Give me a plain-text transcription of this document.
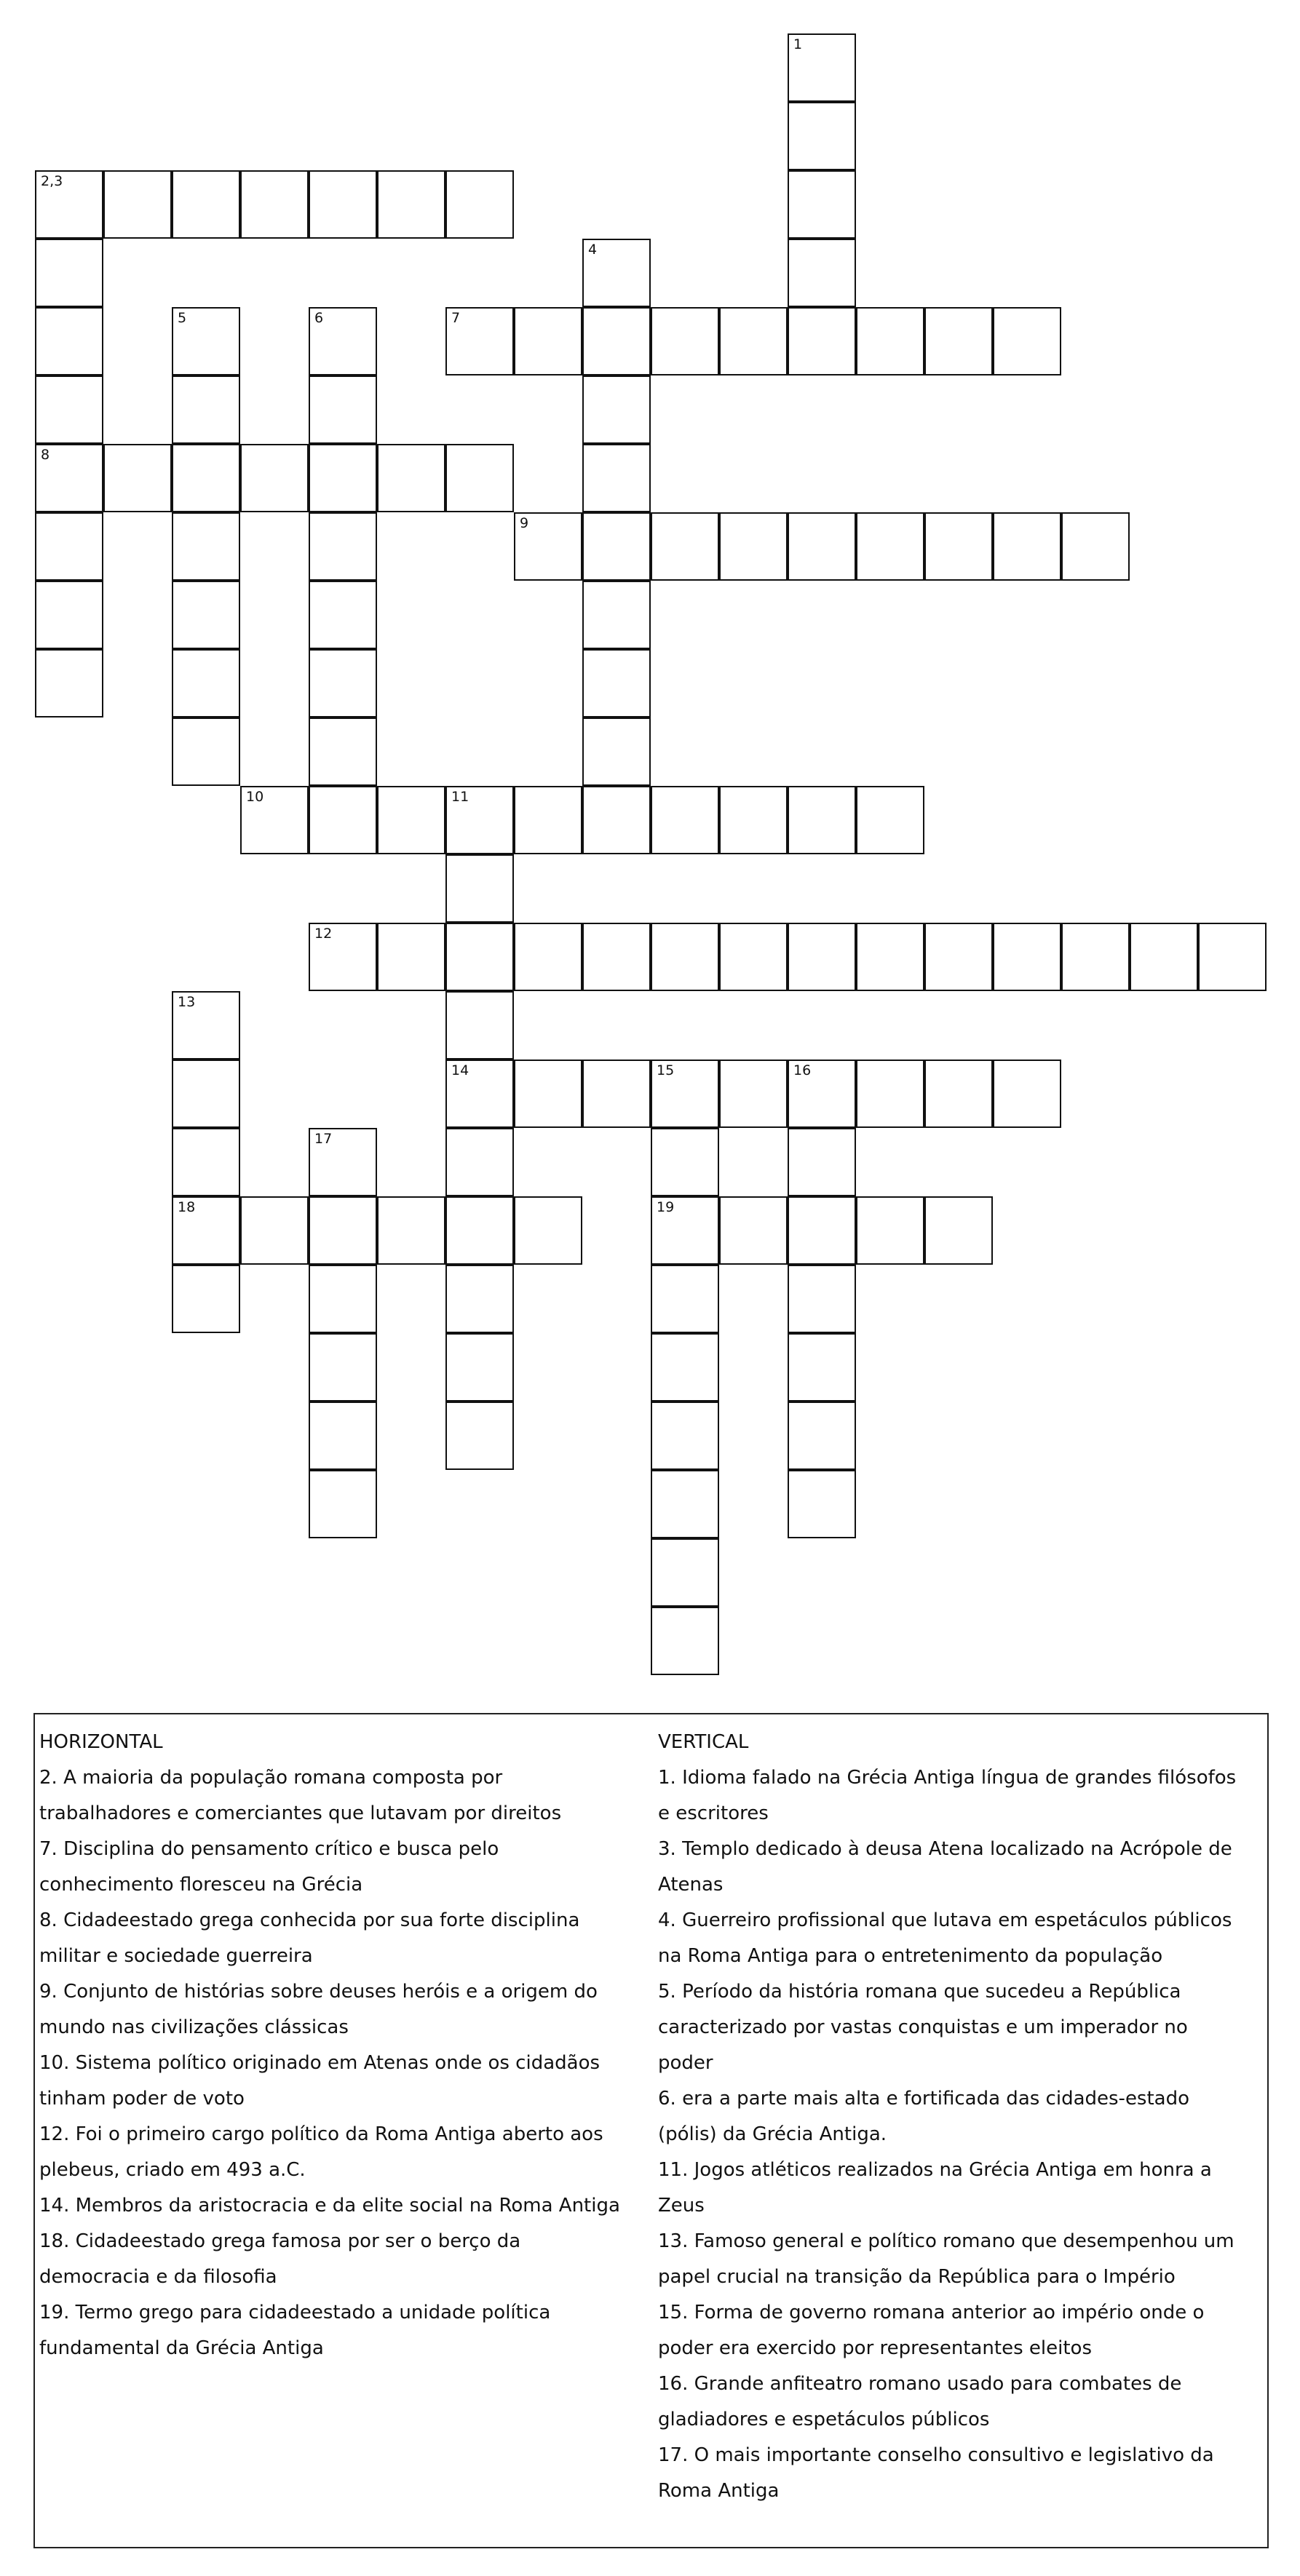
1
2,3
8
4
5	6	7
9
10	11
14
12
13
18
15	16
19
17
HORIZONTAL

2. A maioria da população romana composta por

trabalhadores e comerciantes que lutavam por direitos

7. Disciplina do pensamento crítico e busca pelo

conhecimento floresceu na Grécia

8. Cidadeestado grega conhecida por sua forte disciplina

militar e sociedade guerreira

9. Conjunto de histórias sobre deuses heróis e a origem do

mundo nas civilizações clássicas

10. Sistema político originado em Atenas onde os cidadãos

tinham poder de voto

12. Foi o primeiro cargo político da Roma Antiga aberto aos

plebeus, criado em 493 a.C.

14. Membros da aristocracia e da elite social na Roma Antiga

18. Cidadeestado grega famosa por ser o berço da

democracia e da filosofia

19. Termo grego para cidadeestado a unidade política

fundamental da Grécia Antiga

VERTICAL

1. Idioma falado na Grécia Antiga língua de grandes filósofos

e escritores

3. Templo dedicado à deusa Atena localizado na Acrópole de

Atenas

4. Guerreiro profissional que lutava em espetáculos públicos

na Roma Antiga para o entretenimento da população

5. Período da história romana que sucedeu a República

caracterizado por vastas conquistas e um imperador no

poder

6. era a parte mais alta e fortificada das cidades-estado

(pólis) da Grécia Antiga.

11. Jogos atléticos realizados na Grécia Antiga em honra a

Zeus

13. Famoso general e político romano que desempenhou um

papel crucial na transição da República para o Império

15. Forma de governo romana anterior ao império onde o

poder era exercido por representantes eleitos

16. Grande anfiteatro romano usado para combates de

gladiadores e espetáculos públicos

17. O mais importante conselho consultivo e legislativo da

Roma Antiga
